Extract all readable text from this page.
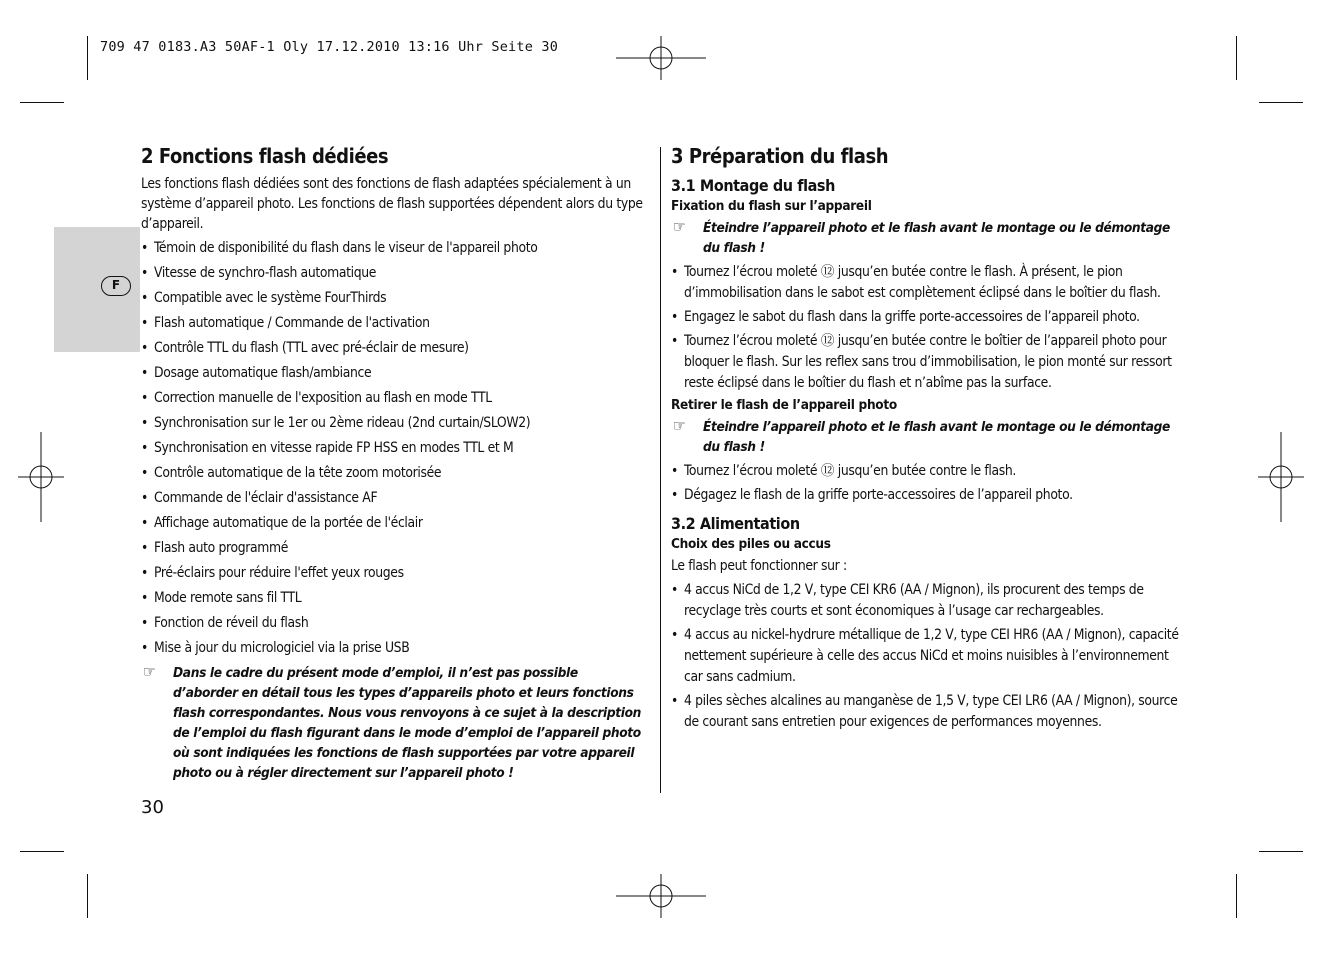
709 47 0183.A3 50AF-1 Oly 17.12.2010 13:16 Uhr Seite 30
F
2 Fonctions flash dédiées

Les fonctions flash dédiées sont des fonctions de flash adaptées spécialement à un système d’appareil photo. Les fonctions de flash supportées dépendent alors du type d’appareil.

• Témoin de disponibilité du flash dans le viseur de l'appareil photo
• Vitesse de synchro-flash automatique
• Compatible avec le système FourThirds
• Flash automatique / Commande de l'activation
• Contrôle TTL du flash (TTL avec pré-éclair de mesure)
• Dosage automatique flash/ambiance
• Correction manuelle de l'exposition au flash en mode TTL
• Synchronisation sur le 1er ou 2ème rideau (2nd curtain/SLOW2)
• Synchronisation en vitesse rapide FP HSS en modes TTL et M
• Contrôle automatique de la tête zoom motorisée
• Commande de l'éclair d'assistance AF
• Affichage automatique de la portée de l'éclair
• Flash auto programmé
• Pré-éclairs pour réduire l'effet yeux rouges
• Mode remote sans fil TTL
• Fonction de réveil du flash
• Mise à jour du micrologiciel via la prise USB
☞ Dans le cadre du présent mode d’emploi, il n’est pas possible d’aborder en détail tous les types d’appareils photo et leurs fonctions flash correspondantes. Nous vous renvoyons à ce sujet à la description de l’emploi du flash figurant dans le mode d’emploi de l’appareil photo où sont indiquées les fonctions de flash supportées par votre appareil photo ou à régler directement sur l’appareil photo !
3 Préparation du flash
3.1 Montage du flash
Fixation du flash sur l’appareil
☞ Éteindre l’appareil photo et le flash avant le montage ou le démontage du flash !
• Tournez l’écrou moleté ⑫ jusqu’en butée contre le flash. À présent, le pion d’immobilisation dans le sabot est complètement éclipsé dans le boîtier du flash.
• Engagez le sabot du flash dans la griffe porte-accessoires de l’appareil photo.
• Tournez l’écrou moleté ⑫ jusqu’en butée contre le boîtier de l’appareil photo pour bloquer le flash. Sur les reflex sans trou d’immobilisation, le pion monté sur ressort reste éclipsé dans le boîtier du flash et n’abîme pas la surface.
Retirer le flash de l’appareil photo
☞ Éteindre l’appareil photo et le flash avant le montage ou le démontage du flash !
• Tournez l’écrou moleté ⑫ jusqu’en butée contre le flash.
• Dégagez le flash de la griffe porte-accessoires de l’appareil photo.
3.2 Alimentation
Choix des piles ou accus

Le flash peut fonctionner sur :

• 4 accus NiCd de 1,2 V, type CEI KR6 (AA / Mignon), ils procurent des temps de recyclage très courts et sont économiques à l’usage car rechargeables.
• 4 accus au nickel-hydrure métallique de 1,2 V, type CEI HR6 (AA / Mignon), capacité nettement supérieure à celle des accus NiCd et moins nuisibles à l’environnement car sans cadmium.
• 4 piles sèches alcalines au manganèse de 1,5 V, type CEI LR6 (AA / Mignon), source de courant sans entretien pour exigences de performances moyennes.
30
